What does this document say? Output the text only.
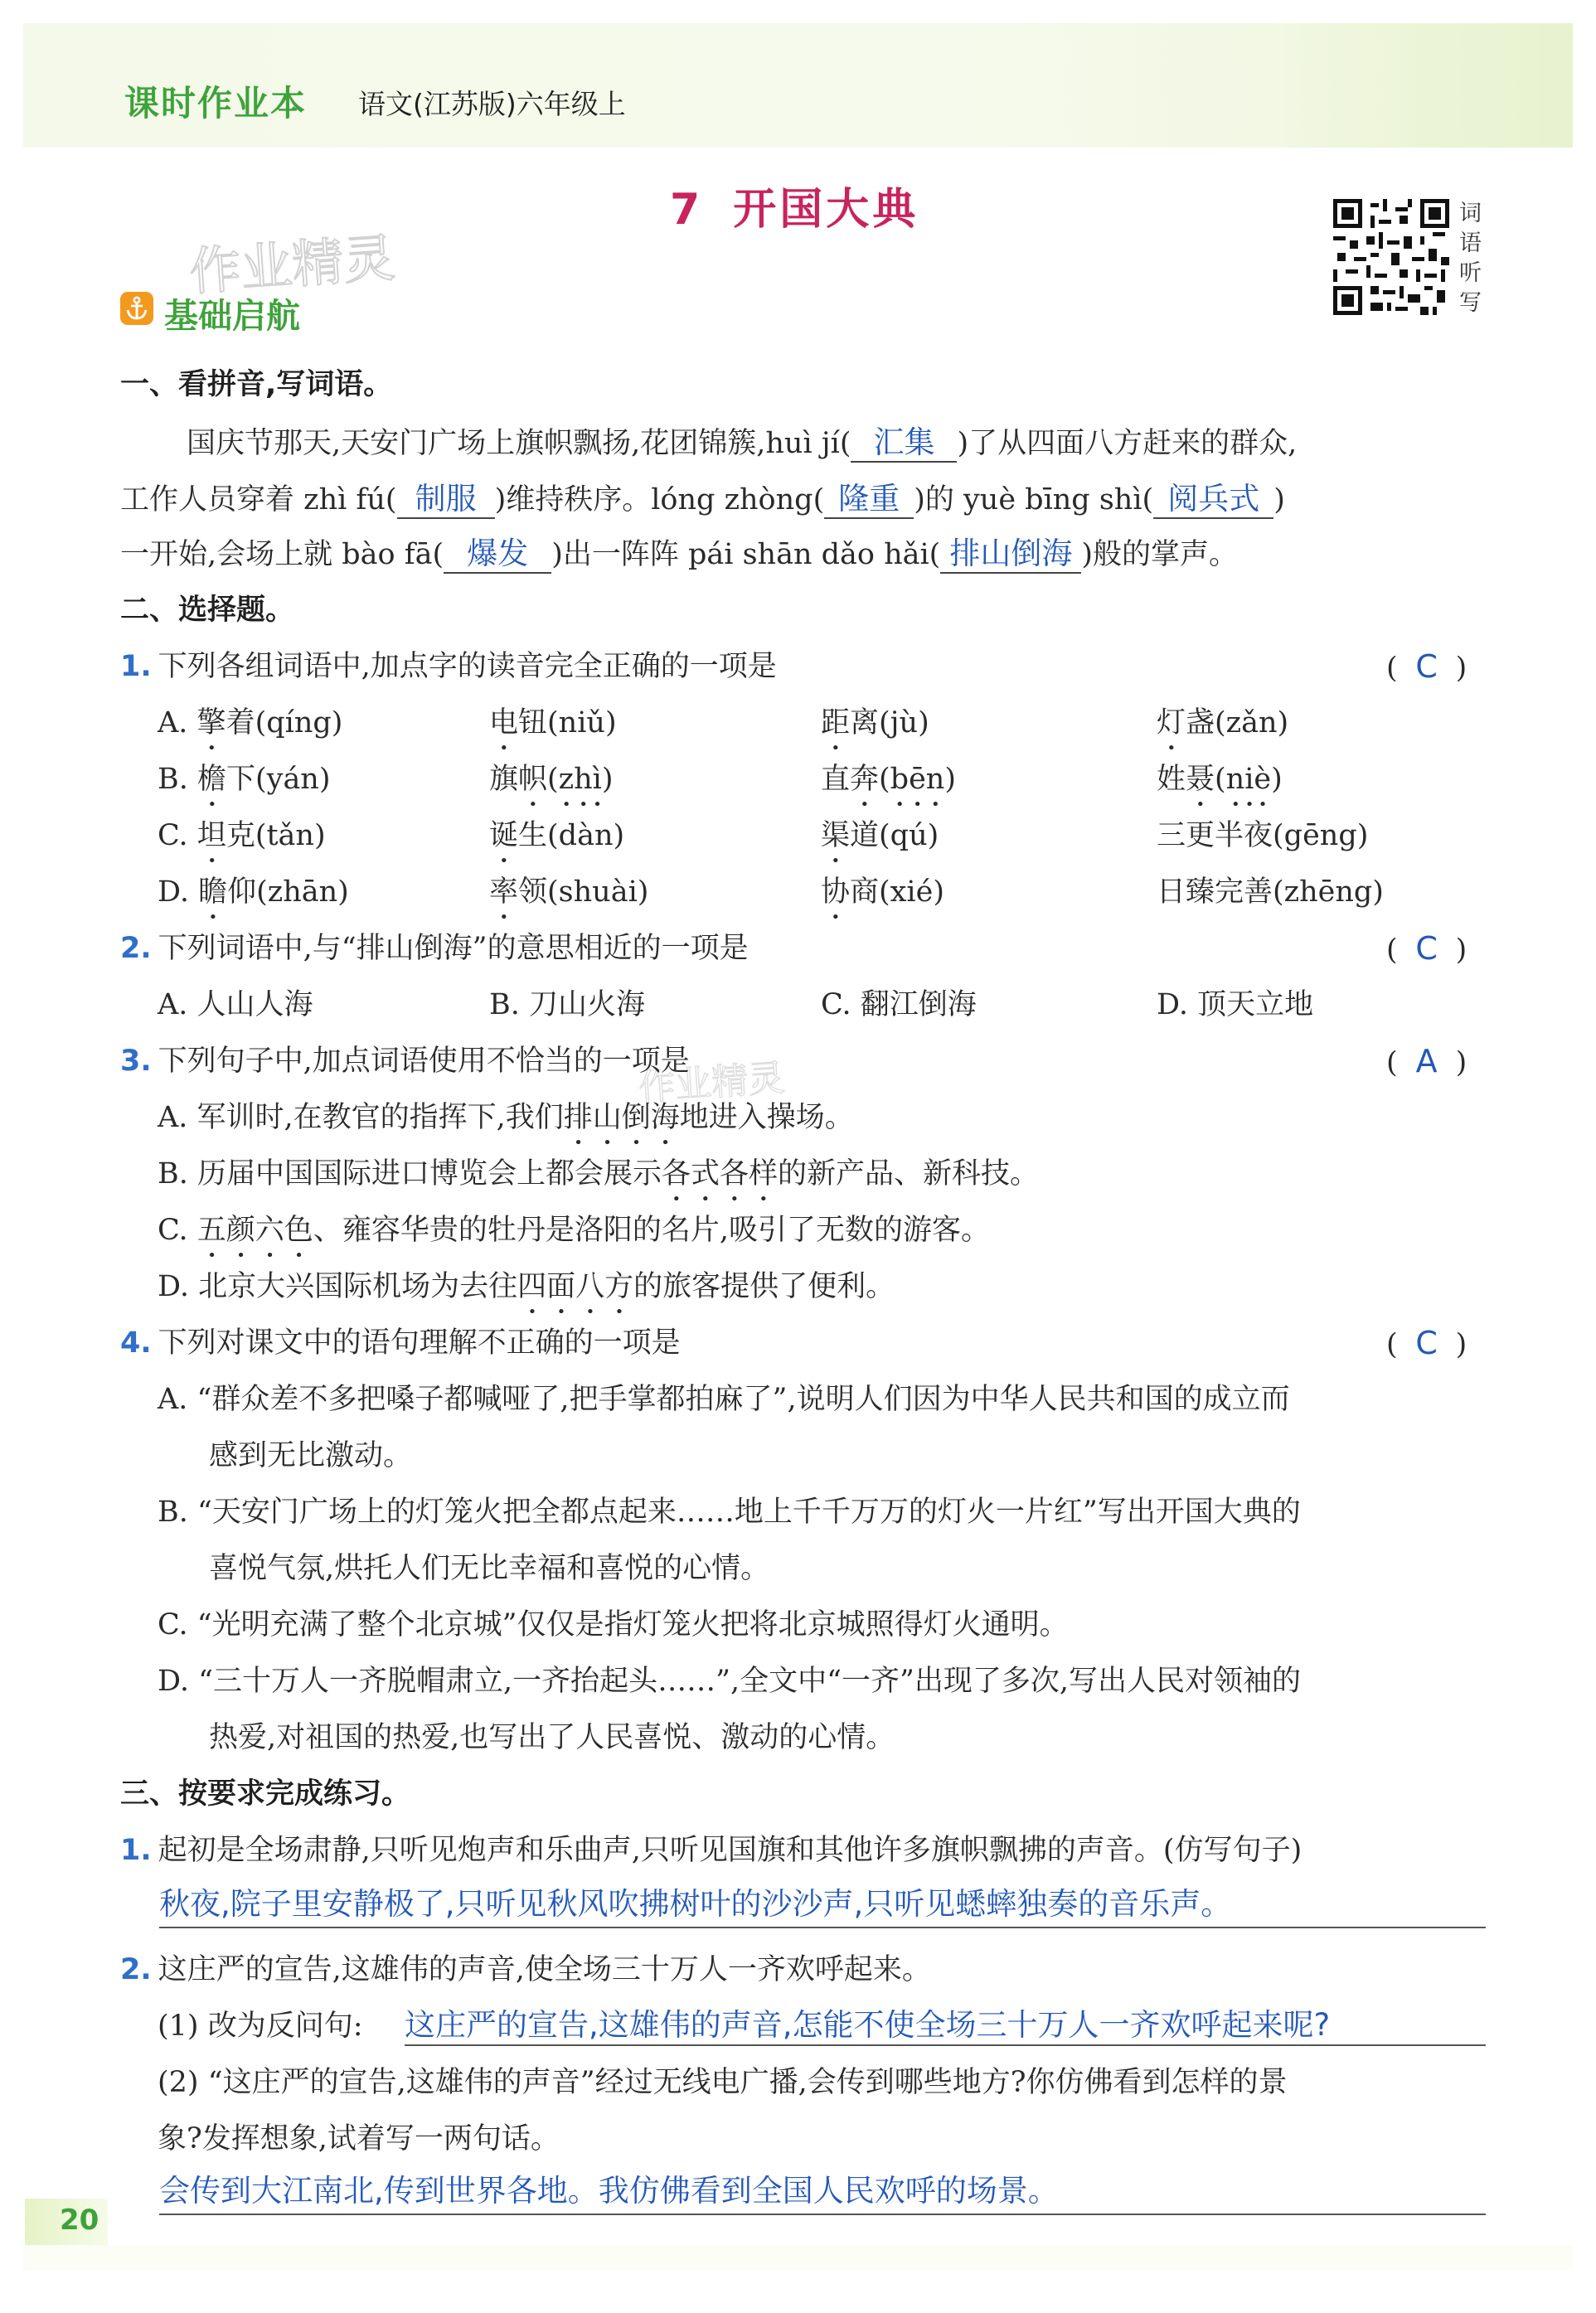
课时作业本 语文(江苏版)六年级上
7 开国大典
作业精灵
作业精灵
词语听写
基础启航
一、看拼音,写词语。
国庆节那天,天安门广场上旗帜飘扬,花团锦簇,huì jí( 汇集 )了从四面八方赶来的群众,
工作人员穿着 zhì fú( 制服 )维持秩序。lóng zhòng( 隆重 )的 yuè bīng shì( 阅兵式 )
一开始,会场上就 bào fā( 爆发 )出一阵阵 pái shān dǎo hǎi( 排山倒海 )般的掌声。
二、选择题。
1. 下列各组词语中,加点字的读音完全正确的一项是	( C )
A. 擎着(qíng)	电钮(niǔ)	距离(jù)	灯盏(zǎn)
B. 檐下(yán)	旗帜(zhì)	直奔(bēn)	姓聂(niè)
C. 坦克(tǎn)	诞生(dàn)	渠道(qú)	三更半夜(gēng)
D. 瞻仰(zhān)	率领(shuài)	协商(xié)	日臻完善(zhēng)
2. 下列词语中,与“排山倒海”的意思相近的一项是	( C )
A. 人山人海	B. 刀山火海	C. 翻江倒海	D. 顶天立地
3. 下列句子中,加点词语使用不恰当的一项是	( A )
A. 军训时,在教官的指挥下,我们排山倒海地进入操场。
B. 历届中国国际进口博览会上都会展示各式各样的新产品、新科技。
C. 五颜六色、雍容华贵的牡丹是洛阳的名片,吸引了无数的游客。
D. 北京大兴国际机场为去往四面八方的旅客提供了便利。
4. 下列对课文中的语句理解不正确的一项是	( C )
A. “群众差不多把嗓子都喊哑了,把手掌都拍麻了”,说明人们因为中华人民共和国的成立而
感到无比激动。
B. “天安门广场上的灯笼火把全都点起来……地上千千万万的灯火一片红”写出开国大典的
喜悦气氛,烘托人们无比幸福和喜悦的心情。
C. “光明充满了整个北京城”仅仅是指灯笼火把将北京城照得灯火通明。
D. “三十万人一齐脱帽肃立,一齐抬起头……”,全文中“一齐”出现了多次,写出人民对领袖的
热爱,对祖国的热爱,也写出了人民喜悦、激动的心情。
三、按要求完成练习。
1. 起初是全场肃静,只听见炮声和乐曲声,只听见国旗和其他许多旗帜飘拂的声音。(仿写句子)
秋夜,院子里安静极了,只听见秋风吹拂树叶的沙沙声,只听见蟋蟀独奏的音乐声。
2. 这庄严的宣告,这雄伟的声音,使全场三十万人一齐欢呼起来。
(1) 改为反问句: 这庄严的宣告,这雄伟的声音,怎能不使全场三十万人一齐欢呼起来呢?
(2) “这庄严的宣告,这雄伟的声音”经过无线电广播,会传到哪些地方?你仿佛看到怎样的景
象?发挥想象,试着写一两句话。
会传到大江南北,传到世界各地。我仿佛看到全国人民欢呼的场景。
20
